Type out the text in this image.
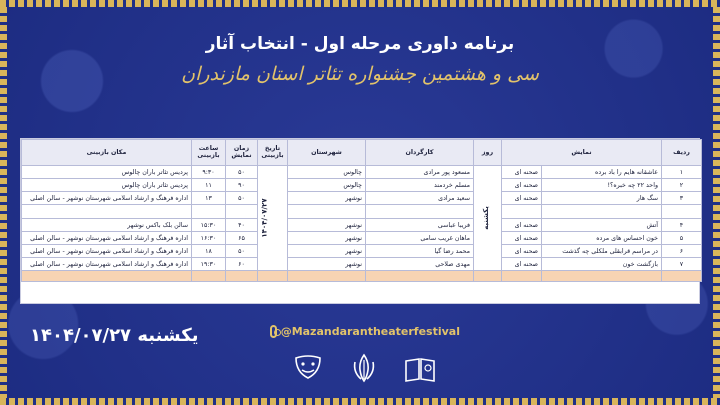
برنامه داوری مرحله اول - انتخاب آثار
سی و هشتمین جشنواره تئاتر استان مازندران
ردیف	نمایش		روز	کارگردان	شهرستان	تاریخ بازبینی	زمان نمایش	ساعت بازبینی	مکان بازبینی
۱	عاشقانه هایم را باد برده	صحنه ای	یکشنبه	مسعود پور مرادی	چالوس	۱۴۰۴/۰۷/۲۷	۵۰	۹:۳۰	پردیس تئاتر باران چالوس
۲	واحد ۲۲ چه خبره؟!	صحنه ای		مسلم خردمند	چالوس		۹۰	۱۱	پردیس تئاتر باران چالوس
۳	سگ هار	صحنه ای		سعید مرادی	نوشهر		۵۰	۱۳	اداره فرهنگ و ارشاد اسلامی شهرستان نوشهر - سالن اصلی

۴	آتش	صحنه ای		فریبا عباسی	نوشهر		۴۰	۱۵:۳۰	سالن بلک باکس نوشهر
۵	خون احساس های مرده	صحنه ای		ماهان غریب سامی	نوشهر		۶۵	۱۶:۳۰	اداره فرهنگ و ارشاد اسلامی شهرستان نوشهر - سالن اصلی
۶	در مراسم قرابقلی ملکلی چه گذشت	صحنه ای		محمد رضا گیا	نوشهر		۵۰	۱۸	اداره فرهنگ و ارشاد اسلامی شهرستان نوشهر - سالن اصلی
۷	بازگشت خون	صحنه ای		مهدی صلاحی	نوشهر		۶۰	۱۹:۳۰	اداره فرهنگ و ارشاد اسلامی شهرستان نوشهر - سالن اصلی

یکشنبه ۱۴۰۴/۰۷/۲۷	@Mazandarantheaterfestival
